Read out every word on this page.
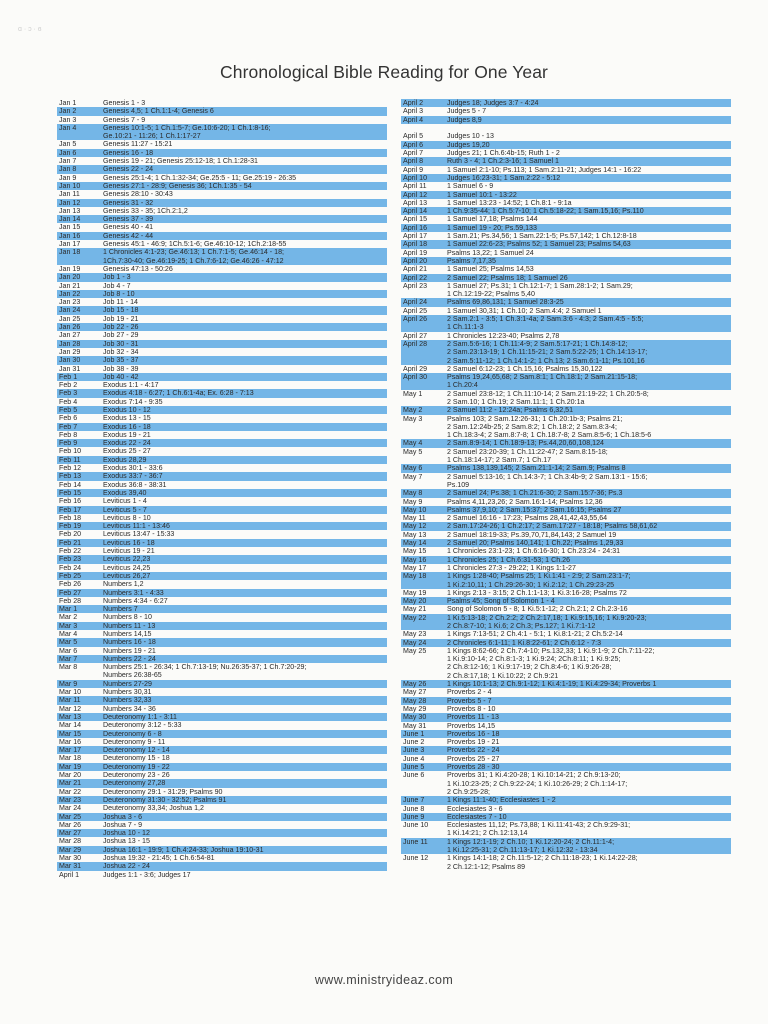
ɑ · ɔ · ɞ
Chronological Bible Reading for One Year
Jan 1	Genesis 1 - 3
Jan 2	Genesis 4,5; 1 Ch.1:1-4; Genesis 6
Jan 3	Genesis 7 - 9
Jan 4	Genesis 10:1-5; 1 Ch.1:5-7; Ge.10:6-20; 1 Ch.1:8-16;
Ge.10:21 - 11:26; 1 Ch.1:17-27
Jan 5	Genesis 11:27 - 15:21
Jan 6	Genesis 16 - 18
Jan 7	Genesis 19 - 21; Genesis 25:12-18; 1 Ch.1:28-31
Jan 8	Genesis 22 - 24
Jan 9	Genesis 25:1-4; 1 Ch.1:32-34; Ge.25:5 - 11; Ge.25:19 - 26:35
Jan 10	Genesis 27:1 - 28:9; Genesis 36; 1Ch.1:35 - 54
Jan 11	Genesis 28:10 - 30:43
Jan 12	Genesis 31 - 32
Jan 13	Genesis 33 - 35; 1Ch.2:1,2
Jan 14	Genesis 37 - 39
Jan 15	Genesis 40 - 41
Jan 16	Genesis 42 - 44
Jan 17	Genesis 45:1 - 46:9; 1Ch.5:1-6; Ge.46:10-12; 1Ch.2:18-55
Jan 18	1 Chronicles 4:1-23; Ge.46:13; 1 Ch.7:1-5; Ge.46:14 - 18;
1Ch.7:30-40; Ge.46:19-25; 1 Ch.7:6-12; Ge.46:26 - 47:12
Jan 19	Genesis 47:13 - 50:26
Jan 20	Job 1 - 3
Jan 21	Job 4 - 7
Jan 22	Job 8 - 10
Jan 23	Job 11 - 14
Jan 24	Job 15 - 18
Jan 25	Job 19 - 21
Jan 26	Job 22 - 26
Jan 27	Job 27 - 29
Jan 28	Job 30 - 31
Jan 29	Job 32 - 34
Jan 30	Job 35 - 37
Jan 31	Job 38 - 39
Feb 1	Job 40 - 42
Feb 2	Exodus 1:1 - 4:17
Feb 3	Exodus 4:18 - 6:27; 1 Ch.6:1-4a; Ex. 6:28 - 7:13
Feb 4	Exodus 7:14 - 9:35
Feb 5	Exodus 10 - 12
Feb 6	Exodus 13 - 15
Feb 7	Exodus 16 - 18
Feb 8	Exodus 19 - 21
Feb 9	Exodus 22 - 24
Feb 10	Exodus 25 - 27
Feb 11	Exodus 28,29
Feb 12	Exodus 30:1 - 33:6
Feb 13	Exodus 33:7 - 36:7
Feb 14	Exodus 36:8 - 38:31
Feb 15	Exodus 39,40
Feb 16	Leviticus 1 - 4
Feb 17	Leviticus 5 - 7
Feb 18	Leviticus 8 - 10
Feb 19	Leviticus 11:1 - 13:46
Feb 20	Leviticus 13:47 - 15:33
Feb 21	Leviticus 16 - 18
Feb 22	Leviticus 19 - 21
Feb 23	Leviticus 22,23
Feb 24	Leviticus 24,25
Feb 25	Leviticus 26,27
Feb 26	Numbers 1,2
Feb 27	Numbers 3:1 - 4:33
Feb 28	Numbers 4:34 - 6:27
Mar 1	Numbers 7
Mar 2	Numbers 8 - 10
Mar 3	Numbers 11 - 13
Mar 4	Numbers 14,15
Mar 5	Numbers 16 - 18
Mar 6	Numbers 19 - 21
Mar 7	Numbers 22 - 24
Mar 8	Numbers 25:1 - 26:34; 1 Ch.7:13-19; Nu.26:35-37; 1 Ch.7:20-29;
Numbers 26:38-65
Mar 9	Numbers 27-29
Mar 10	Numbers 30,31
Mar 11	Numbers 32,33
Mar 12	Numbers 34 - 36
Mar 13	Deuteronomy 1:1 - 3:11
Mar 14	Deuteronomy 3:12 - 5:33
Mar 15	Deuteronomy 6 - 8
Mar 16	Deuteronomy 9 - 11
Mar 17	Deuteronomy 12 - 14
Mar 18	Deuteronomy 15 - 18
Mar 19	Deuteronomy 19 - 22
Mar 20	Deuteronomy 23 - 26
Mar 21	Deuteronomy 27,28
Mar 22	Deuteronomy 29:1 - 31:29; Psalms 90
Mar 23	Deuteronomy 31:30 - 32:52; Psalms 91
Mar 24	Deuteronomy 33,34; Joshua 1,2
Mar 25	Joshua 3 - 6
Mar 26	Joshua 7 - 9
Mar 27	Joshua 10 - 12
Mar 28	Joshua 13 - 15
Mar 29	Joshua 16:1 - 19:9; 1 Ch.4:24-33; Joshua 19:10-31
Mar 30	Joshua 19:32 - 21:45; 1 Ch.6:54-81
Mar 31	Joshua 22 - 24
April 1	Judges 1:1 - 3:6; Judges 17
April 2	Judges 18; Judges 3:7 - 4:24
April 3	Judges 5 - 7
April 4	Judges 8,9
April 5	Judges 10 - 13
April 6	Judges 19,20
April 7	Judges 21; 1 Ch.6:4b-15; Ruth 1 - 2
April 8	Ruth 3 - 4; 1 Ch.2:3-16; 1 Samuel 1
April 9	1 Samuel 2:1-10; Ps.113; 1 Sam.2:11-21; Judges 14:1 - 16:22
April 10	Judges 16:23-31; 1 Sam.2:22 - 5:12
April 11	1 Samuel 6 - 9
April 12	1 Samuel 10:1 - 13:22
April 13	1 Samuel 13:23 - 14:52; 1 Ch.8:1 - 9:1a
April 14	1 Ch.9:35-44; 1 Ch.5:7-10; 1 Ch.5:18-22; 1 Sam.15,16; Ps.110
April 15	1 Samuel 17,18; Psalms 144
April 16	1 Samuel 19 - 20; Ps.59,133
April 17	1 Sam.21; Ps.34,56; 1 Sam.22:1-5; Ps.57,142; 1 Ch.12:8-18
April 18	1 Samuel 22:6-23; Psalms 52; 1 Samuel 23; Psalms 54,63
April 19	Psalms 13,22; 1 Samuel 24
April 20	Psalms 7,17,35
April 21	1 Samuel 25; Psalms 14,53
April 22	2 Samuel 22; Psalms 18; 1 Samuel 26
April 23	1 Samuel 27; Ps.31; 1 Ch.12:1-7; 1 Sam.28:1-2; 1 Sam.29;
1 Ch.12:19-22; Psalms 5,40
April 24	Psalms 69,86,131; 1 Samuel 28:3-25
April 25	1 Samuel 30,31; 1 Ch.10; 2 Sam.4:4; 2 Samuel 1
April 26	2 Sam.2:1 - 3:5; 1 Ch.3:1-4a; 2 Sam.3:6 - 4:3; 2 Sam.4:5 - 5:5;
1 Ch.11:1-3
April 27	1 Chronicles 12:23-40; Psalms 2,78
April 28	2 Sam.5:6-16; 1 Ch.11:4-9; 2 Sam.5:17-21; 1 Ch.14:8-12;
2 Sam.23:13-19; 1 Ch.11:15-21; 2 Sam.5:22-25; 1 Ch.14:13-17;
2 Sam.5:11-12; 1 Ch.14:1-2; 1 Ch.13; 2 Sam.6:1-11; Ps.101,16
April 29	2 Samuel 6:12-23; 1 Ch.15,16; Psalms 15,30,122
April 30	Psalms 19,24,65,68; 2 Sam.8:1; 1 Ch.18:1; 2 Sam.21:15-18;
1 Ch.20:4
May 1	2 Samuel 23:8-12; 1 Ch.11:10-14; 2 Sam.21:19-22; 1 Ch.20:5-8;
2 Sam.10; 1 Ch.19; 2 Sam.11:1; 1 Ch.20:1a
May 2	2 Samuel 11:2 - 12:24a; Psalms 6,32,51
May 3	Psalms 103; 2 Sam.12:26-31; 1 Ch.20:1b-3; Psalms 21;
2 Sam.12:24b-25; 2 Sam.8:2; 1 Ch.18:2; 2 Sam.8:3-4;
1 Ch.18:3-4; 2 Sam.8:7-8; 1 Ch.18:7-8; 2 Sam.8:5-6; 1 Ch.18:5-6
May 4	2 Sam.8:9-14; 1 Ch.18:9-13; Ps.44,20,60,108,124
May 5	2 Samuel 23:20-39; 1 Ch.11:22-47; 2 Sam.8:15-18;
1 Ch.18:14-17; 2 Sam.7; 1 Ch.17
May 6	Psalms 138,139,145; 2 Sam.21:1-14; 2 Sam.9; Psalms 8
May 7	2 Samuel 5:13-16; 1 Ch.14:3-7; 1 Ch.3:4b-9; 2 Sam.13:1 - 15:6;
Ps.109
May 8	2 Samuel 24; Ps.38; 1 Ch.21:6-30; 2 Sam.15:7-36; Ps.3
May 9	Psalms 4,11,23,26; 2 Sam.16:1-14; Psalms 12,36
May 10	Psalms 37,9,10; 2 Sam.15:37; 2 Sam.16:15; Psalms 27
May 11	2 Samuel 16:16 - 17:23; Psalms 28,41,42,43,55,64
May 12	2 Sam.17:24-26; 1 Ch.2:17; 2 Sam.17:27 - 18:18; Psalms 58,61,62
May 13	2 Samuel 18:19-33; Ps.39,70,71,84,143; 2 Samuel 19
May 14	2 Samuel 20; Psalms 140,141; 1 Ch.22; Psalms 1,29,33
May 15	1 Chronicles 23:1-23; 1 Ch.6:16-30; 1 Ch.23:24 - 24:31
May 16	1 Chronicles 25; 1 Ch.6:31-53; 1 Ch.26
May 17	1 Chronicles 27:3 - 29:22; 1 Kings 1:1-27
May 18	1 Kings 1:28-40; Psalms 25; 1 Ki.1:41 - 2:9; 2 Sam.23:1-7;
1 Ki.2:10,11; 1 Ch.29:26-30; 1 Ki.2:12; 1 Ch.29:23-25
May 19	1 Kings 2:13 - 3:15; 2 Ch.1:1-13; 1 Ki.3:16-28; Psalms 72
May 20	Psalms 45; Song of Solomon 1 - 4
May 21	Song of Solomon 5 - 8; 1 Ki.5:1-12; 2 Ch.2:1; 2 Ch.2:3-16
May 22	1 Ki.5:13-18; 2 Ch.2:2; 2 Ch.2:17,18; 1 Ki.9:15,16; 1 Ki.9:20-23;
2 Ch.8:7-10; 1 Ki.6; 2 Ch.3; Ps.127; 1 Ki.7:1-12
May 23	1 Kings 7:13-51; 2 Ch.4:1 - 5:1; 1 Ki.8:1-21; 2 Ch.5:2-14
May 24	2 Chronicles 6:1-11; 1 Ki.8:22-61; 2 Ch.6:12 - 7:3
May 25	1 Kings 8:62-66; 2 Ch.7:4-10; Ps.132,33; 1 Ki.9:1-9; 2 Ch.7:11-22;
1 Ki.9:10-14; 2 Ch.8:1-3; 1 Ki.9:24; 2Ch.8:11; 1 Ki.9:25;
2 Ch.8:12-16; 1 Ki.9:17-19; 2 Ch.8:4-6; 1 Ki.9:26-28;
2 Ch.8:17,18; 1 Ki.10:22; 2 Ch.9:21
May 26	1 Kings 10:1-13; 2 Ch.9:1-12; 1 Ki.4:1-19; 1 Ki.4:29-34; Proverbs 1
May 27	Proverbs 2 - 4
May 28	Proverbs 5 - 7
May 29	Proverbs 8 - 10
May 30	Proverbs 11 - 13
May 31	Proverbs 14,15
June 1	Proverbs 16 - 18
June 2	Proverbs 19 - 21
June 3	Proverbs 22 - 24
June 4	Proverbs 25 - 27
June 5	Proverbs 28 - 30
June 6	Proverbs 31; 1 Ki.4:20-28; 1 Ki.10:14-21; 2 Ch.9:13-20;
1 Ki.10:23-25; 2 Ch.9:22-24; 1 Ki.10:26-29; 2 Ch.1:14-17;
2 Ch.9:25-28;
June 7	1 Kings 11:1-40; Ecclesiastes 1 - 2
June 8	Ecclesiastes 3 - 6
June 9	Ecclesiastes 7 - 10
June 10	Ecclesiastes 11,12; Ps.73,88; 1 Ki.11:41-43; 2 Ch.9:29-31;
1 Ki.14:21; 2 Ch.12:13,14
June 11	1 Kings 12:1-19; 2 Ch.10; 1 Ki.12:20-24; 2 Ch.11:1-4;
1 Ki.12:25-31; 2 Ch.11:13-17; 1 Ki.12:32 - 13:34
June 12	1 Kings 14:1-18; 2 Ch.11:5-12; 2 Ch.11:18-23; 1 Ki.14:22-28;
2 Ch.12:1-12; Psalms 89
www.ministryideaz.com
